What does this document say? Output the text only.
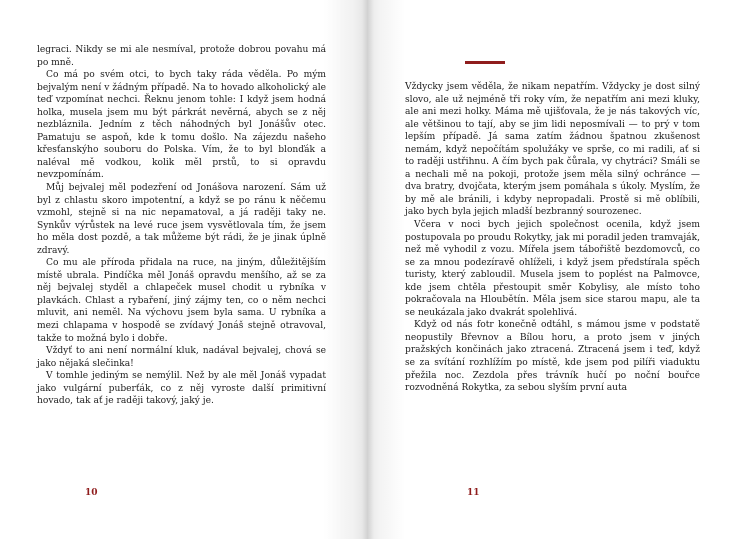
legraci. Nikdy se mi ale nesmíval, protože dobrou povahu má po mně.

Co má po svém otci, to bych taky ráda věděla. Po mým bejvalým není v žádným případě. Na to hovado alkoholický ale teď vzpomínat nechci. Řeknu jenom tohle: I když jsem hodná holka, musela jsem mu být párkrát nevěrná, abych se z něj nezbláznila. Jedním z těch náhodných byl Jonášův otec. Pamatuju se aspoň, kde k tomu došlo. Na zájezdu našeho křesťanskýho souboru do Polska. Vím, že to byl blonďák a naléval mě vodkou, kolik měl prstů, to si opravdu nevzpomínám.

Můj bejvalej měl podezření od Jonášova narození. Sám už byl z chlastu skoro impotentní, a když se po ránu k něčemu vzmohl, stejně si na nic nepamatoval, a já raději taky ne. Synkův výrůstek na levé ruce jsem vysvětlovala tím, že jsem ho měla dost pozdě, a tak můžeme být rádi, že je jinak úplně zdravý.

Co mu ale příroda přidala na ruce, na jiným, důležitějším místě ubrala. Pindíčka měl Jonáš opravdu menšího, až se za něj bejvalej styděl a chlapeček musel chodit u rybníka v plavkách. Chlast a rybaření, jiný zájmy ten, co o něm nechci mluvit, ani neměl. Na výchovu jsem byla sama. U rybníka a mezi chlapama v hospodě se zvídavý Jonáš stejně otravoval, takže to možná bylo i dobře.

Vždyť to ani není normální kluk, nadával bejvalej, chová se jako nějaká slečinka!

V tomhle jediným se nemýlil. Než by ale měl Jonáš vypadat jako vulgární puberťák, co z něj vyroste další primitivní hovado, tak ať je raději takový, jaký je.

10

Vždycky jsem věděla, že nikam nepatřím. Vždycky je dost silný slovo, ale už nejméně tři roky vím, že nepatřím ani mezi kluky, ale ani mezi holky. Máma mě ujišťovala, že je nás takových víc, ale většinou to tají, aby se jim lidi neposmívali — to prý v tom lepším případě. Já sama zatím žádnou špatnou zkušenost nemám, když nepočítám spolužáky ve sprše, co mi radili, ať si to raději ustřihnu. A čím bych pak čůrala, vy chytráci? Smáli se a nechali mě na pokoji, protože jsem měla silný ochránce — dva bratry, dvojčata, kterým jsem pomáhala s úkoly. Myslím, že by mě ale bránili, i kdyby nepropadali. Prostě si mě oblíbili, jako bych byla jejich mladší bezbranný sourozenec.

Včera v noci bych jejich společnost ocenila, když jsem postupovala po proudu Rokytky, jak mi poradil jeden tramvaják, než mě vyhodil z vozu. Mířela jsem tábořiště bezdomovců, co se za mnou podezíravě ohlíželi, i když jsem předstírala spěch turisty, který zabloudil. Musela jsem to poplést na Palmovce, kde jsem chtěla přestoupit směr Kobylisy, ale místo toho pokračovala na Hloubětín. Měla jsem sice starou mapu, ale ta se neukázala jako dvakrát spolehlivá.

Když od nás fotr konečně odtáhl, s mámou jsme v podstatě neopustily Břevnov a Bílou horu, a proto jsem v jiných pražských končinách jako ztracená. Ztracená jsem i teď, když se za svítání rozhlížím po místě, kde jsem pod pilíři viaduktu přežila noc. Zezdola přes trávník hučí po noční bouřce rozvodněná Rokytka, za sebou slyším první auta

11
